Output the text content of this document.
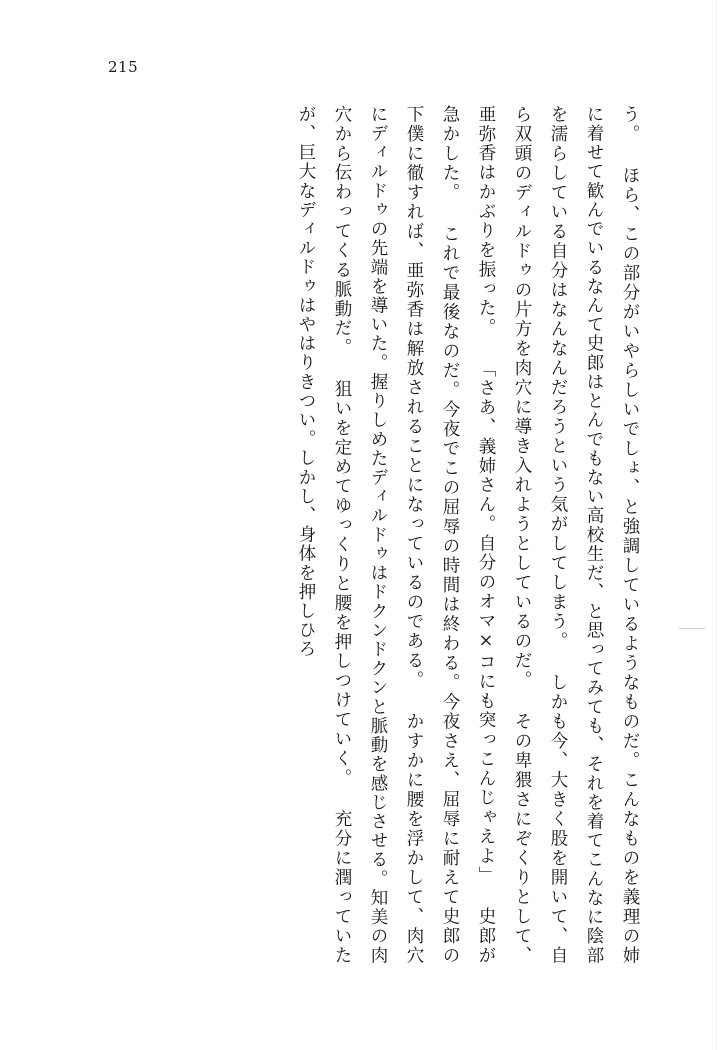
215

う。 ほら、この部分がいやらしいでしょ、と強調しているようなものだ。こんなものを義理の姉に着せて歓んでいるなんて史郎はとんでもない高校生だ、と思ってみても、それを着てこんなに陰部を濡らしている自分はなんなんだろうという気がしてしまう。 しかも今、大きく股を開いて、自ら双頭のディルドゥの片方を肉穴に導き入れようとしているのだ。 その卑猥さにぞくりとして、亜弥香はかぶりを振った。 「さあ、義姉さん。自分のオマ×コにも突っこんじゃえよ」 史郎が急かした。 これで最後なのだ。今夜でこの屈辱の時間は終わる。今夜さえ、屈辱に耐えて史郎の下僕に徹すれば、亜弥香は解放されることになっているのである。 かすかに腰を浮かして、肉穴にディルドゥの先端を導いた。握りしめたディルドゥはドクンドクンと脈動を感じさせる。知美の肉穴から伝わってくる脈動だ。 狙いを定めてゆっくりと腰を押しつけていく。 充分に潤っていたが、巨大なディルドゥはやはりきつい。しかし、身体を押しひろ
